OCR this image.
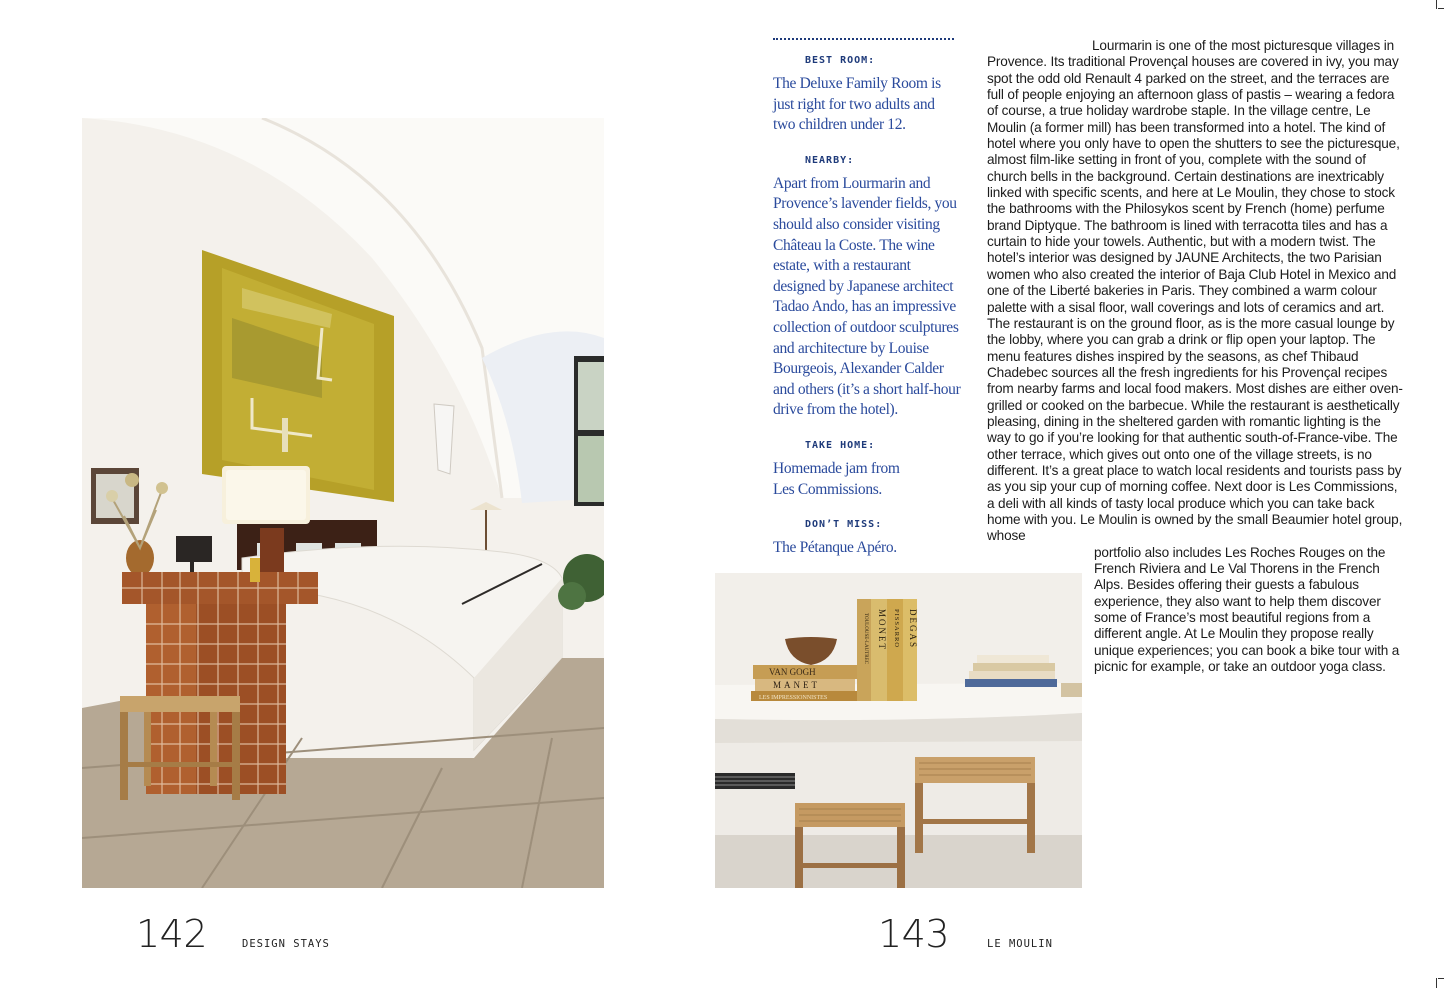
BEST ROOM:
The Deluxe Family Room is just right for two adults and two children under 12.
NEARBY:
Apart from Lourmarin and Provence’s lavender fields, you should also consider visiting Château la Coste. The wine estate, with a restaurant designed by Japanese architect Tadao Ando, has an impressive collection of outdoor sculptures and architecture by Louise Bourgeois, Alexander Calder and others (it’s a short half-hour drive from the hotel).
TAKE HOME:
Homemade jam from Les Commissions.
DON’T MISS:
The Pétanque Apéro.

Lourmarin is one of the most picturesque villages in Provence. Its traditional Provençal houses are covered in ivy, you may spot the odd old Renault 4 parked on the street, and the terraces are full of people enjoying an afternoon glass of pastis – wearing a fedora of course, a true holiday wardrobe staple. In the village centre, Le Moulin (a former mill) has been transformed into a hotel. The kind of hotel where you only have to open the shutters to see the picturesque, almost film-like setting in front of you, complete with the sound of church bells in the background. Certain destinations are inextricably linked with specific scents, and here at Le Moulin, they chose to stock the bathrooms with the Philosykos scent by French (home) perfume brand Diptyque. The bathroom is lined with terracotta tiles and has a curtain to hide your towels. Authentic, but with a modern twist. The hotel’s interior was designed by JAUNE Architects, the two Parisian women who also created the interior of Baja Club Hotel in Mexico and one of the Liberté bakeries in Paris. They combined a warm colour palette with a sisal floor, wall coverings and lots of ceramics and art. The restaurant is on the ground floor, as is the more casual lounge by the lobby, where you can grab a drink or flip open your laptop. The menu features dishes inspired by the seasons, as chef Thibaud Chadebec sources all the fresh ingredients for his Provençal recipes from nearby farms and local food makers. Most dishes are either oven-grilled or cooked on the barbecue. While the restaurant is aesthetically pleasing, dining in the sheltered garden with romantic lighting is the way to go if you’re looking for that authentic south-of-France-vibe. The other terrace, which gives out onto one of the village streets, is no different. It’s a great place to watch local residents and tourists pass by as you sip your cup of morning coffee. Next door is Les Commissions, a deli with all kinds of tasty local produce which you can take back home with you. Le Moulin is owned by the small Beaumier hotel group, whose

portfolio also includes Les Roches Rouges on the French Riviera and Le Val Thorens in the French Alps. Besides offering their guests a fabulous experience, they also want to help them discover some of France’s most beautiful regions from a different angle. At Le Moulin they propose really unique experiences; you can book a bike tour with a picnic for example, or take an outdoor yoga class.

VAN GOGH
MANET
LES IMPRESSIONNISTES
MONET PISSARRO DEGAS
TOULOUSE-LAUTREC
142	DESIGN STAYS	143	LE MOULIN
